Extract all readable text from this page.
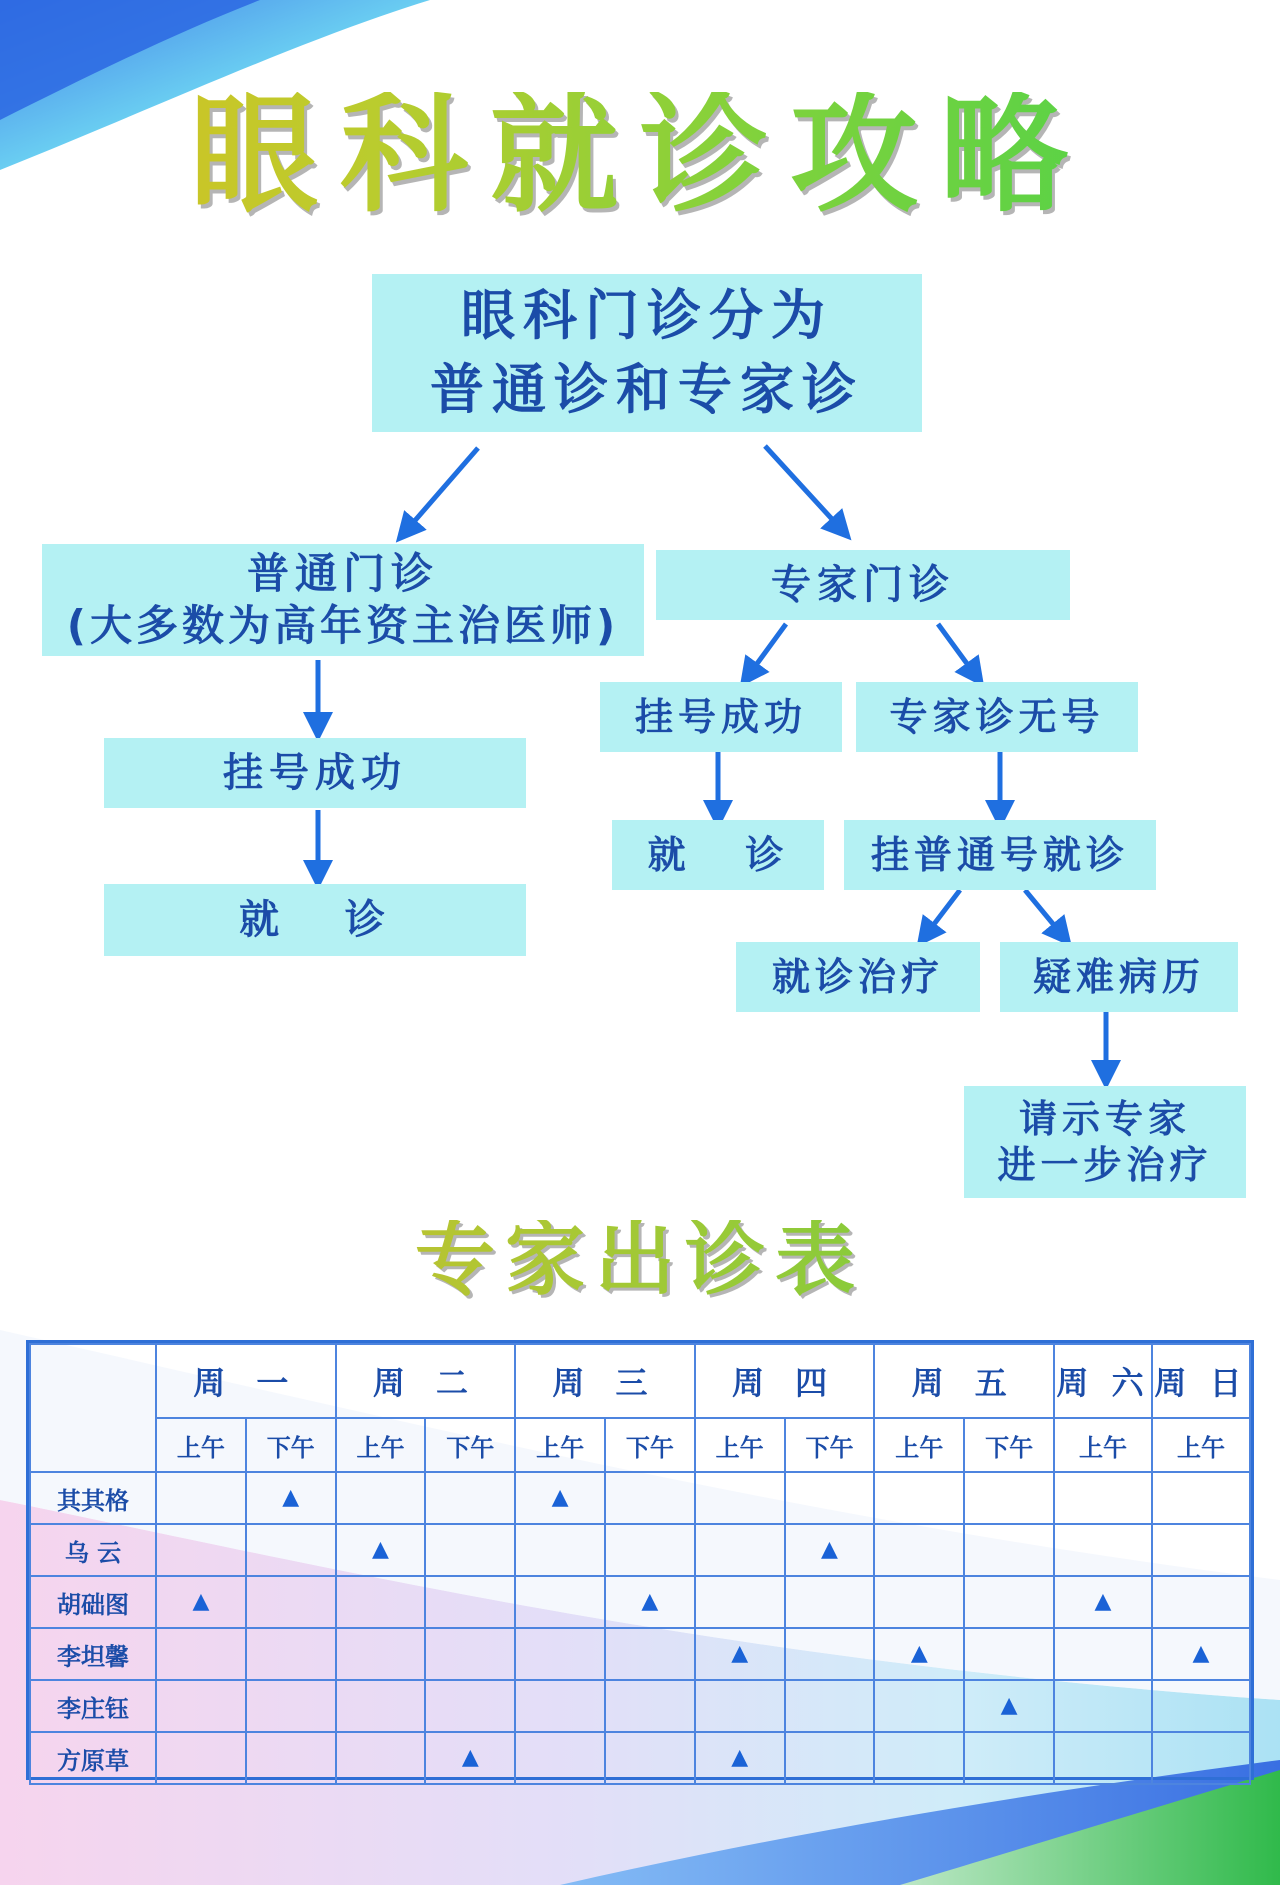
眼科就诊攻略
眼科门诊分为
普通诊和专家诊
普通门诊
(大多数为高年资主治医师)
挂号成功
就   诊
专家门诊
挂号成功	专家诊无号
就   诊	挂普通号就诊
就诊治疗	疑难病历
请示专家
进一步治疗
专家出诊表
	周 一		周 二		周 三		周 四		周 五		周 六	周 日
	上午	下午	上午	下午	上午	下午	上午	下午	上午	下午	上午	上午
其其格		▲			▲							
乌 云			▲					▲				
胡础图	▲					▲					▲	
李坦馨							▲		▲			▲
李庄钰										▲		
方原草				▲			▲					
